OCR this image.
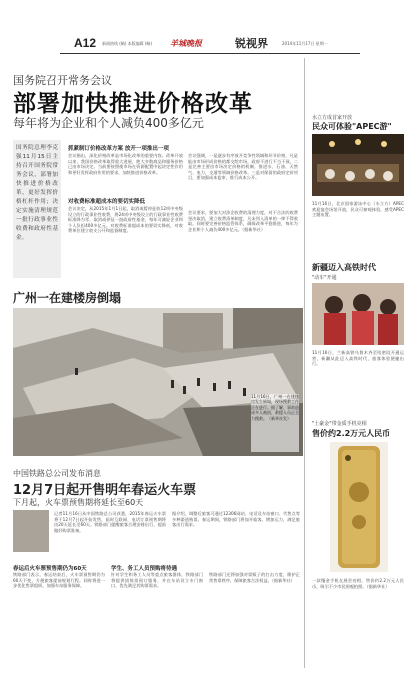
A12 新闻热线 (略) 本版编辑 (略) 羊城晚报	锐视界	2014年11月17日 星期一
国务院召开常务会议
部署加快推进价格改革
每年将为企业和个人减负400多亿元
国务院总理李克强11月15日主持召开国务院常务会议，部署加快推进价格改革，更好发挥价格杠杆作用；决定实施清理规范一批行政事业性收费和政府性基金。
抓紧制订价格改革方案 放开一项推出一项
会议指出，深化价格改革是市场化改革的重要内容。改革开放以来，我国价格改革取得重大进展，绝大多数商品和服务价格已由市场决定。当前要按照使市场在资源配置中起决定性作用和更好发挥政府作用的要求，加快推进价格改革。
对收费标准超成本的要切实降低
会议决定，从2015年1月1日起，取消或暂停征收12项中央级设立的行政事业性收费，将24项中央级设立的行政事业性收费标准降为零，取消或停征一批政府性基金，每年可减轻企业和个人负担400多亿元。对收费标准超成本的要切实降低，对收费单位建立收支公开和监督制度。
会议强调，一是逐步有序放开竞争性领域和环节价格，凡是能由市场形成价格的都交给市场，政府不进行不当干预。二是完善主要由市场决定价格的机制，推进水、石油、天然气、电力、交通等领域价格改革。三是对保留的政府定价项目，要加强成本监审，推行成本公开。
会议要求，要加大对涉企收费的清理力度，对不合法的收费坚决取消，建立收费清单制度，凡未列入清单的一律不得收取。同时要完善价格监管体系，确保改革平稳推进，每年为企业和个人减负400多亿元。（据新华社）
广州一在建楼房倒塌
11月16日，广州一在建楼房发生倒塌，现场搜救工作正在进行。据了解，事故造成多人被困，救援人员正全力搜救。（新华社发）
中国铁路总公司发布消息
12月7日起开售明年春运火车票
下月起，火车票预售期将延长至60天
记者11月16日从中国铁路总公司获悉，2015年春运火车票将于12月7日起开始发售，届时互联网、电话订票预售期将由20天延长至60天。铁路部门提醒旅客合理安排出行，提前做好购票准备。
据介绍，调整后旅客可通过12306网站、电话及车站窗口、代售点等多种渠道购票。春运期间，铁路部门将加开临客，增加运力，满足旅客出行需求。
春运后火车票预售期仍为60天
铁路部门表示，春运结束后，火车票预售期仍为60天不变，方便旅客提前规划行程。同时将进一步优化售票组织，加强车站服务保障。
学生、务工人员预购将待遇
针对学生和务工人员等重点旅客群体，铁路部门将提供团体票预订服务，并在车站设立专门窗口，优先满足其购票需求。
铁路部门还将加强对票贩子的打击力度，维护正常售票秩序，保障旅客合法权益。（据新华社）
水立方成首家开放
民众可体验"APEC游"
11月16日，北京国家游泳中心（水立方）APEC欢迎宴会场馆开放，民众可参观体验，感受APEC主题布置。
新疆迈入高铁时代
"动车"开通
11月16日，兰新高铁乌鲁木齐至哈密段开通运营，新疆从此迈入高铁时代，旅客体验便捷出行。
"土豪金"带金质手机亮相
售价约2.2万元人民币
一款镶金手机在展会亮相，售价约2.2万元人民币，吸引不少市民围观拍照。（据新华社）
